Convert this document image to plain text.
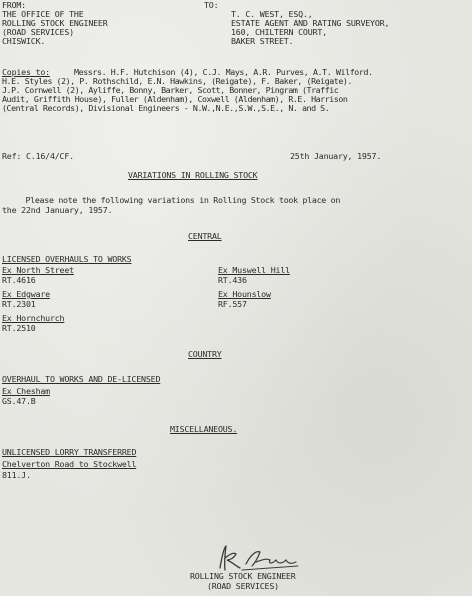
FROM:
THE OFFICE OF THE
ROLLING STOCK ENGINEER
(ROAD SERVICES)
CHISWICK.
TO:
T. C. WEST, ESQ.,
ESTATE AGENT AND RATING SURVEYOR,
160, CHILTERN COURT,
BAKER STREET.
Copies to:	Messrs. H.F. Hutchison (4), C.J. Mays, A.R. Purves, A.T. Wilford.
H.E. Styles (2), P. Rothschild, E.N. Hawkins, (Reigate), F. Baker, (Reigate).
J.P. Cornwell (2), Ayliffe, Bonny, Barker, Scott, Bonner, Pingram (Traffic
Audit, Griffith House), Fuller (Aldenham), Coxwell (Aldenham), R.E. Harrison
(Central Records), Divisional Engineers - N.W.,N.E.,S.W.,S.E., N. and S.
Ref: C.16/4/CF.	25th January, 1957.
VARIATIONS IN ROLLING STOCK
Please note the following variations in Rolling Stock took place on
the 22nd January, 1957.
CENTRAL
LICENSED OVERHAULS TO WORKS
Ex North Street
RT.4616
Ex Edgware
RT.2301
Ex Hornchurch
RT.2510
Ex Muswell Hill
RT.436
Ex Hounslow
RF.557
COUNTRY
OVERHAUL TO WORKS AND DE-LICENSED
Ex Chesham
GS.47.B
MISCELLANEOUS.
UNLICENSED LORRY TRANSFERRED
Chelverton Road to Stockwell
811.J.
ROLLING STOCK ENGINEER
(ROAD SERVICES)
